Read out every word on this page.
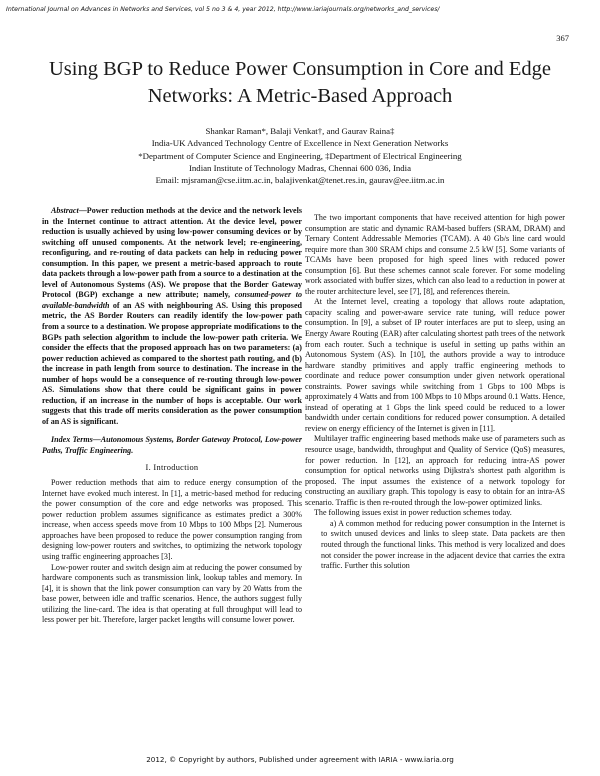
International Journal on Advances in Networks and Services, vol 5 no 3 & 4, year 2012, http://www.iariajournals.org/networks_and_services/
367
Using BGP to Reduce Power Consumption in Core and Edge Networks: A Metric-Based Approach
Shankar Raman*, Balaji Venkat†, and Gaurav Raina‡
India-UK Advanced Technology Centre of Excellence in Next Generation Networks
*Department of Computer Science and Engineering, ‡Department of Electrical Engineering
Indian Institute of Technology Madras, Chennai 600 036, India
Email: mjsraman@cse.iitm.ac.in, balajivenkat@tenet.res.in, gaurav@ee.iitm.ac.in

Abstract—Power reduction methods at the device and the network levels in the Internet continue to attract attention. At the device level, power reduction is usually achieved by using low-power consuming devices or by switching off unused components. At the network level; re-engineering, reconfiguring, and re-routing of data packets can help in reducing power consumption. In this paper, we present a metric-based approach to route data packets through a low-power path from a source to a destination at the level of Autonomous Systems (AS). We propose that the Border Gateway Protocol (BGP) exchange a new attribute; namely, consumed-power to available-bandwidth of an AS with neighbouring AS. Using this proposed metric, the AS Border Routers can readily identify the low-power path from a source to a destination. We propose appropriate modifications to the BGPs path selection algorithm to include the low-power path criteria. We consider the effects that the proposed approach has on two parameters: (a) power reduction achieved as compared to the shortest path routing, and (b) the increase in path length from source to destination. The increase in the number of hops would be a consequence of re-routing through low-power AS. Simulations show that there could be significant gains in power reduction, if an increase in the number of hops is acceptable. Our work suggests that this trade off merits consideration as the power consumption of an AS is significant.

Index Terms—Autonomous Systems, Border Gateway Protocol, Low-power Paths, Traffic Engineering.

I. Introduction

Power reduction methods that aim to reduce energy consumption of the Internet have evoked much interest. In [1], a metric-based method for reducing the power consumption of the core and edge networks was proposed. This power reduction problem assumes significance as estimates predict a 300% increase, when access speeds move from 10 Mbps to 100 Mbps [2]. Numerous approaches have been proposed to reduce the power consumption ranging from designing low-power routers and switches, to optimizing the network topology using traffic engineering approaches [3].

Low-power router and switch design aim at reducing the power consumed by hardware components such as transmission link, lookup tables and memory. In [4], it is shown that the link power consumption can vary by 20 Watts from the base power, between idle and traffic scenarios. Hence, the authors suggest fully utilizing the line-card. The idea is that operating at full throughput will lead to less power per bit. Therefore, larger packet lengths will consume lower power.

The two important components that have received attention for high power consumption are static and dynamic RAM-based buffers (SRAM, DRAM) and Ternary Content Addressable Memories (TCAM). A 40 Gb/s line card would require more than 300 SRAM chips and consume 2.5 kW [5]. Some variants of TCAMs have been proposed for high speed lines with reduced power consumption [6]. But these schemes cannot scale forever. For some modeling work associated with buffer sizes, which can also lead to a reduction in power at the router architecture level, see [7], [8], and references therein.

At the Internet level, creating a topology that allows route adaptation, capacity scaling and power-aware service rate tuning, will reduce power consumption. In [9], a subset of IP router interfaces are put to sleep, using an Energy Aware Routing (EAR) after calculating shortest path trees of the network from each router. Such a technique is useful in setting up paths within an Autonomous System (AS). In [10], the authors provide a way to introduce hardware standby primitives and apply traffic engineering methods to coordinate and reduce power consumption under given network operational constraints. Power savings while switching from 1 Gbps to 100 Mbps is approximately 4 Watts and from 100 Mbps to 10 Mbps around 0.1 Watts. Hence, instead of operating at 1 Gbps the link speed could be reduced to a lower bandwidth under certain conditions for reduced power consumption. A detailed review on energy efficiency of the Internet is given in [11].

Multilayer traffic engineering based methods make use of parameters such as resource usage, bandwidth, throughput and Quality of Service (QoS) measures, for power reduction. In [12], an approach for reducing intra-AS power consumption for optical networks using Dijkstra's shortest path algorithm is proposed. The input assumes the existence of a network topology for constructing an auxiliary graph. This topology is easy to obtain for an intra-AS scenario. Traffic is then re-routed through the low-power optimized links.

The following issues exist in power reduction schemes today.

a) A common method for reducing power consumption in the Internet is to switch unused devices and links to sleep state. Data packets are then routed through the functional links. This method is very localized and does not consider the power increase in the adjacent device that carries the extra traffic. Further this solution

2012, © Copyright by authors, Published under agreement with IARIA - www.iaria.org
